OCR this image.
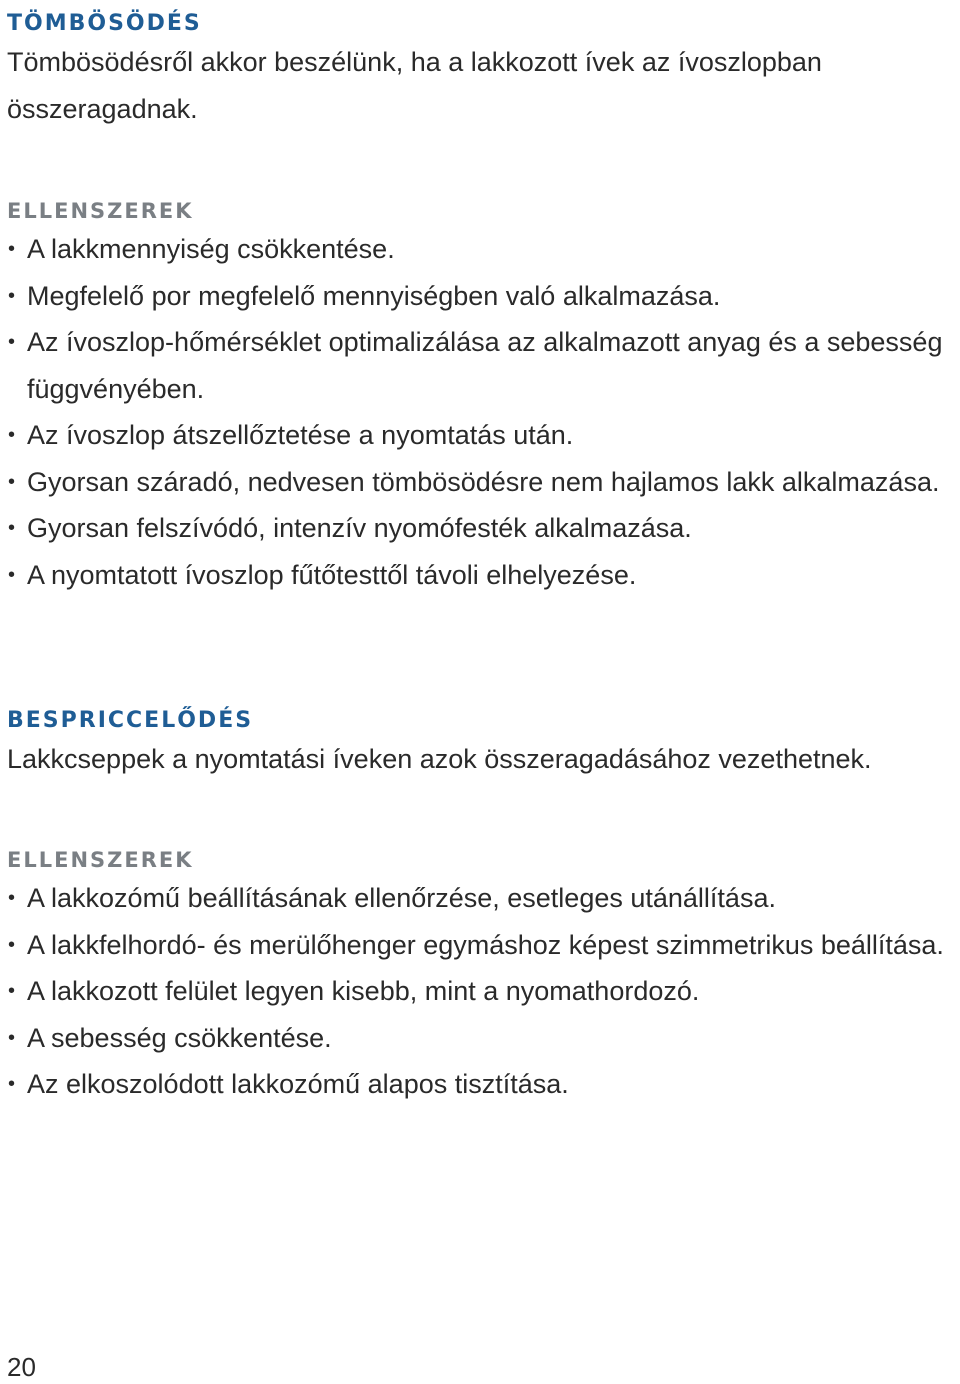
TÖMBÖSÖDÉS

Tömbösödésről akkor beszélünk, ha a lakkozott ívek az ívoszlopban összeragadnak.

ELLENSZEREK
• A lakkmennyiség csökkentése.
• Megfelelő por megfelelő mennyiségben való alkalmazása.
• Az ívoszlop-hőmérséklet optimalizálása az alkalmazott anyag és a sebesség függvényében.
• Az ívoszlop átszellőztetése a nyomtatás után.
• Gyorsan száradó, nedvesen tömbösödésre nem hajlamos lakk alkalmazása.
• Gyorsan felszívódó, intenzív nyomófesték alkalmazása.
• A nyomtatott ívoszlop fűtőtesttől távoli elhelyezése.
BESPRICCELŐDÉS

Lakkcseppek a nyomtatási íveken azok összeragadásához vezethetnek.

ELLENSZEREK
• A lakkozómű beállításának ellenőrzése, esetleges utánállítása.
• A lakkfelhordó- és merülőhenger egymáshoz képest szimmetrikus beállítása.
• A lakkozott felület legyen kisebb, mint a nyomathordozó.
• A sebesség csökkentése.
• Az elkoszolódott lakkozómű alapos tisztítása.
20
